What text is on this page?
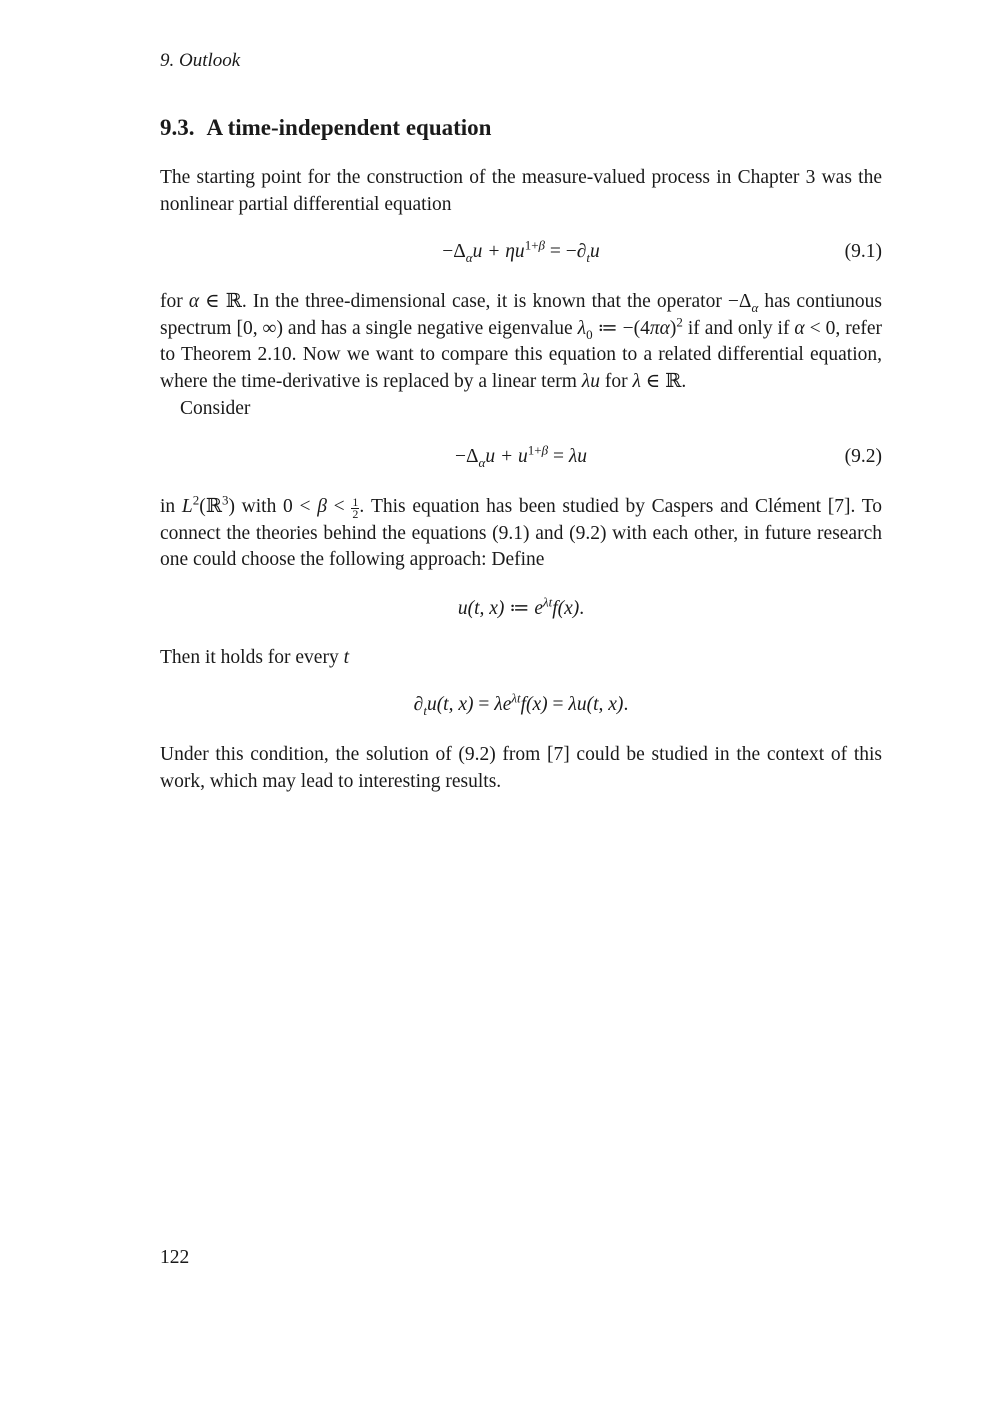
9. Outlook
9.3. A time-independent equation

The starting point for the construction of the measure-valued process in Chapter 3 was the nonlinear partial differential equation

$-\Delta_\alpha u + \eta u^{1+\beta} = -\partial_tu$	(9.1)

for α ∈ ℝ. In the three-dimensional case, it is known that the operator $-\Delta_\alpha$ has contiunous spectrum [0, ∞) and has a single negative eigenvalue $\lambda_0$ ≔ $-(4\pi\alpha)^2$ if and only if α < 0, refer to Theorem 2.10. Now we want to compare this equation to a related differential equation, where the time-derivative is replaced by a linear term λu for λ ∈ ℝ.

Consider

$-\Delta_\alpha u + u^{1+\beta} = \lambda u$	(9.2)

in $L^2(ℝ^3)$ with $0 < \beta < \frac{1}{2}$ . This equation has been studied by Caspers and Clément [7]. To connect the theories behind the equations (9.1) and (9.2) with each other, in future research one could choose the following approach: Define

u(t, x) ≔ $e^{\lambda t}f(x)$.

Then it holds for every t

$\partial_tu(t$, $x) = \lambda e^{\lambda t}f(x) = \lambda u(t$, x).

Under this condition, the solution of (9.2) from [7] could be studied in the context of this work, which may lead to interesting results.

122
